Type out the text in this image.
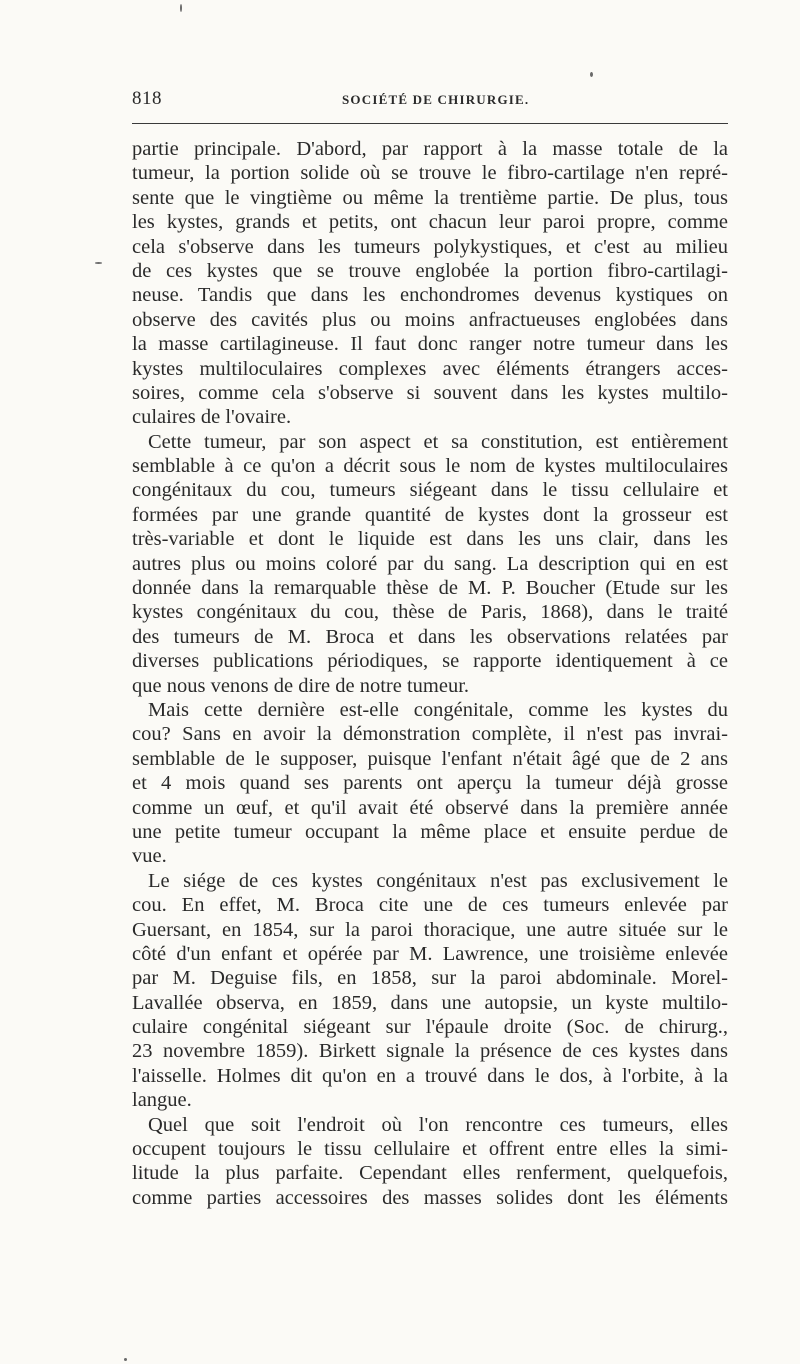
818	SOCIÉTÉ DE CHIRURGIE.
partie principale. D'abord, par rapport à la masse totale de la
tumeur, la portion solide où se trouve le fibro-cartilage n'en repré-
sente que le vingtième ou même la trentième partie. De plus, tous
les kystes, grands et petits, ont chacun leur paroi propre, comme
cela s'observe dans les tumeurs polykystiques, et c'est au milieu
de ces kystes que se trouve englobée la portion fibro-cartilagi-
neuse. Tandis que dans les enchondromes devenus kystiques on
observe des cavités plus ou moins anfractueuses englobées dans
la masse cartilagineuse. Il faut donc ranger notre tumeur dans les
kystes multiloculaires complexes avec éléments étrangers acces-
soires, comme cela s'observe si souvent dans les kystes multilo-
culaires de l'ovaire.
Cette tumeur, par son aspect et sa constitution, est entièrement
semblable à ce qu'on a décrit sous le nom de kystes multiloculaires
congénitaux du cou, tumeurs siégeant dans le tissu cellulaire et
formées par une grande quantité de kystes dont la grosseur est
très-variable et dont le liquide est dans les uns clair, dans les
autres plus ou moins coloré par du sang. La description qui en est
donnée dans la remarquable thèse de M. P. Boucher (Etude sur les
kystes congénitaux du cou, thèse de Paris, 1868), dans le traité
des tumeurs de M. Broca et dans les observations relatées par
diverses publications périodiques, se rapporte identiquement à ce
que nous venons de dire de notre tumeur.
Mais cette dernière est-elle congénitale, comme les kystes du
cou? Sans en avoir la démonstration complète, il n'est pas invrai-
semblable de le supposer, puisque l'enfant n'était âgé que de 2 ans
et 4 mois quand ses parents ont aperçu la tumeur déjà grosse
comme un œuf, et qu'il avait été observé dans la première année
une petite tumeur occupant la même place et ensuite perdue de
vue.
Le siége de ces kystes congénitaux n'est pas exclusivement le
cou. En effet, M. Broca cite une de ces tumeurs enlevée par
Guersant, en 1854, sur la paroi thoracique, une autre située sur le
côté d'un enfant et opérée par M. Lawrence, une troisième enlevée
par M. Deguise fils, en 1858, sur la paroi abdominale. Morel-
Lavallée observa, en 1859, dans une autopsie, un kyste multilo-
culaire congénital siégeant sur l'épaule droite (Soc. de chirurg.,
23 novembre 1859). Birkett signale la présence de ces kystes dans
l'aisselle. Holmes dit qu'on en a trouvé dans le dos, à l'orbite, à la
langue.
Quel que soit l'endroit où l'on rencontre ces tumeurs, elles
occupent toujours le tissu cellulaire et offrent entre elles la simi-
litude la plus parfaite. Cependant elles renferment, quelquefois,
comme parties accessoires des masses solides dont les éléments
